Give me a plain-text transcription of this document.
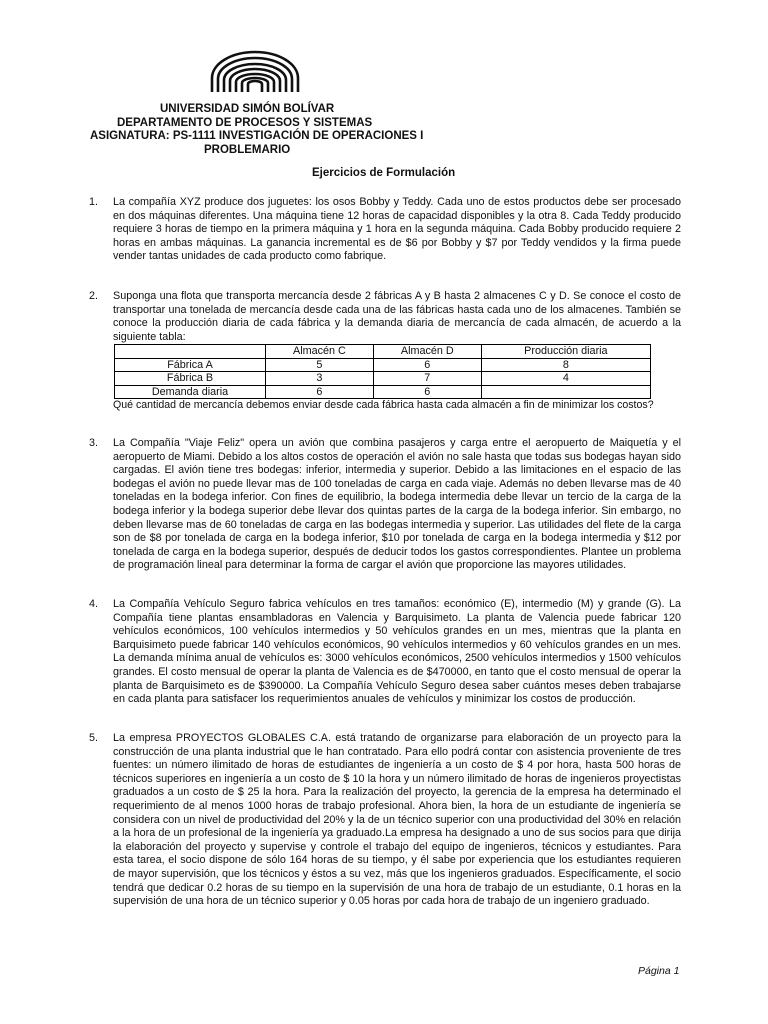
UNIVERSIDAD SIMÓN BOLÍVAR
DEPARTAMENTO DE PROCESOS Y SISTEMAS
ASIGNATURA: PS-1111 INVESTIGACIÓN DE OPERACIONES I
PROBLEMARIO
Ejercicios de Formulación
1.	La compañía XYZ produce dos juguetes: los osos Bobby y Teddy. Cada uno de estos productos debe ser procesado en dos máquinas diferentes. Una máquina tiene 12 horas de capacidad disponibles y la otra 8. Cada Teddy producido requiere 3 horas de tiempo en la primera máquina y 1 hora en la segunda máquina. Cada Bobby producido requiere 2 horas en ambas máquinas. La ganancia incremental es de $6 por Bobby y $7 por Teddy vendidos y la firma puede vender tantas unidades de cada producto como fabrique.
2.	Suponga una flota que transporta mercancía desde 2 fábricas A y B hasta 2 almacenes C y D. Se conoce el costo de transportar una tonelada de mercancía desde cada una de las fábricas hasta cada uno de los almacenes. También se conoce la producción diaria de cada fábrica y la demanda diaria de mercancía de cada almacén, de acuerdo a la siguiente tabla:
	Almacén C	Almacén D	Producción diaria
Fábrica A	5	6	8
Fábrica B	3	7	4
Demanda diaria	6	6	
Qué cantidad de mercancía debemos enviar desde cada fábrica hasta cada almacén a fin de minimizar los costos?
3.	La Compañía "Viaje Feliz" opera un avión que combina pasajeros y carga entre el aeropuerto de Maiquetía y el aeropuerto de Miami. Debido a los altos costos de operación el avión no sale hasta que todas sus bodegas hayan sido cargadas. El avión tiene tres bodegas: inferior, intermedia y superior. Debido a las limitaciones en el espacio de las bodegas el avión no puede llevar mas de 100 toneladas de carga en cada viaje. Además no deben llevarse mas de 40 toneladas en la bodega inferior. Con fines de equilibrio, la bodega intermedia debe llevar un tercio de la carga de la bodega inferior y la bodega superior debe llevar dos quintas partes de la carga de la bodega inferior. Sin embargo, no deben llevarse mas de 60 toneladas de carga en las bodegas intermedia y superior. Las utilidades del flete de la carga son de $8 por tonelada de carga en la bodega inferior, $10 por tonelada de carga en la bodega intermedia y $12 por tonelada de carga en la bodega superior, después de deducir todos los gastos correspondientes. Plantee un problema de programación lineal para determinar la forma de cargar el avión que proporcione las mayores utilidades.
4.	La Compañía Vehículo Seguro fabrica vehículos en tres tamaños: económico (E), intermedio (M) y grande (G). La Compañía tiene plantas ensambladoras en Valencia y Barquisimeto. La planta de Valencia puede fabricar 120 vehículos económicos, 100 vehículos intermedios y 50 vehículos grandes en un mes, mientras que la planta en Barquisimeto puede fabricar 140 vehículos económicos, 90 vehículos intermedios y 60 vehículos grandes en un mes. La demanda mínima anual de vehículos es: 3000 vehículos económicos, 2500 vehículos intermedios y 1500 vehículos grandes. El costo mensual de operar la planta de Valencia es de $470000, en tanto que el costo mensual de operar la planta de Barquisimeto es de $390000. La Compañía Vehículo Seguro desea saber cuántos meses deben trabajarse en cada planta para satisfacer los requerimientos anuales de vehículos y minimizar los costos de producción.
5.	La empresa PROYECTOS GLOBALES C.A. está tratando de organizarse para elaboración de un proyecto para la construcción de una planta industrial que le han contratado. Para ello podrá contar con asistencia proveniente de tres fuentes: un número ilimitado de horas de estudiantes de ingeniería a un costo de $ 4 por hora, hasta 500 horas de técnicos superiores en ingeniería a un costo de $ 10 la hora y un número ilimitado de horas de ingenieros proyectistas graduados a un costo de $ 25 la hora. Para la realización del proyecto, la gerencia de la empresa ha determinado el requerimiento de al menos 1000 horas de trabajo profesional. Ahora bien, la hora de un estudiante de ingeniería se considera con un nivel de productividad del 20% y la de un técnico superior con una productividad del 30% en relación a la hora de un profesional de la ingeniería ya graduado.La empresa ha designado a uno de sus socios para que dirija la elaboración del proyecto y supervise y controle el trabajo del equipo de ingenieros, técnicos y estudiantes. Para esta tarea, el socio dispone de sólo 164 horas de su tiempo, y él sabe por experiencia que los estudiantes requieren de mayor supervisión, que los técnicos y éstos a su vez, más que los ingenieros graduados. Específicamente, el socio tendrá que dedicar 0.2 horas de su tiempo en la supervisión de una hora de trabajo de un estudiante, 0.1 horas en la supervisión de una hora de un técnico superior y 0.05 horas por cada hora de trabajo de un ingeniero graduado.
Página 1
